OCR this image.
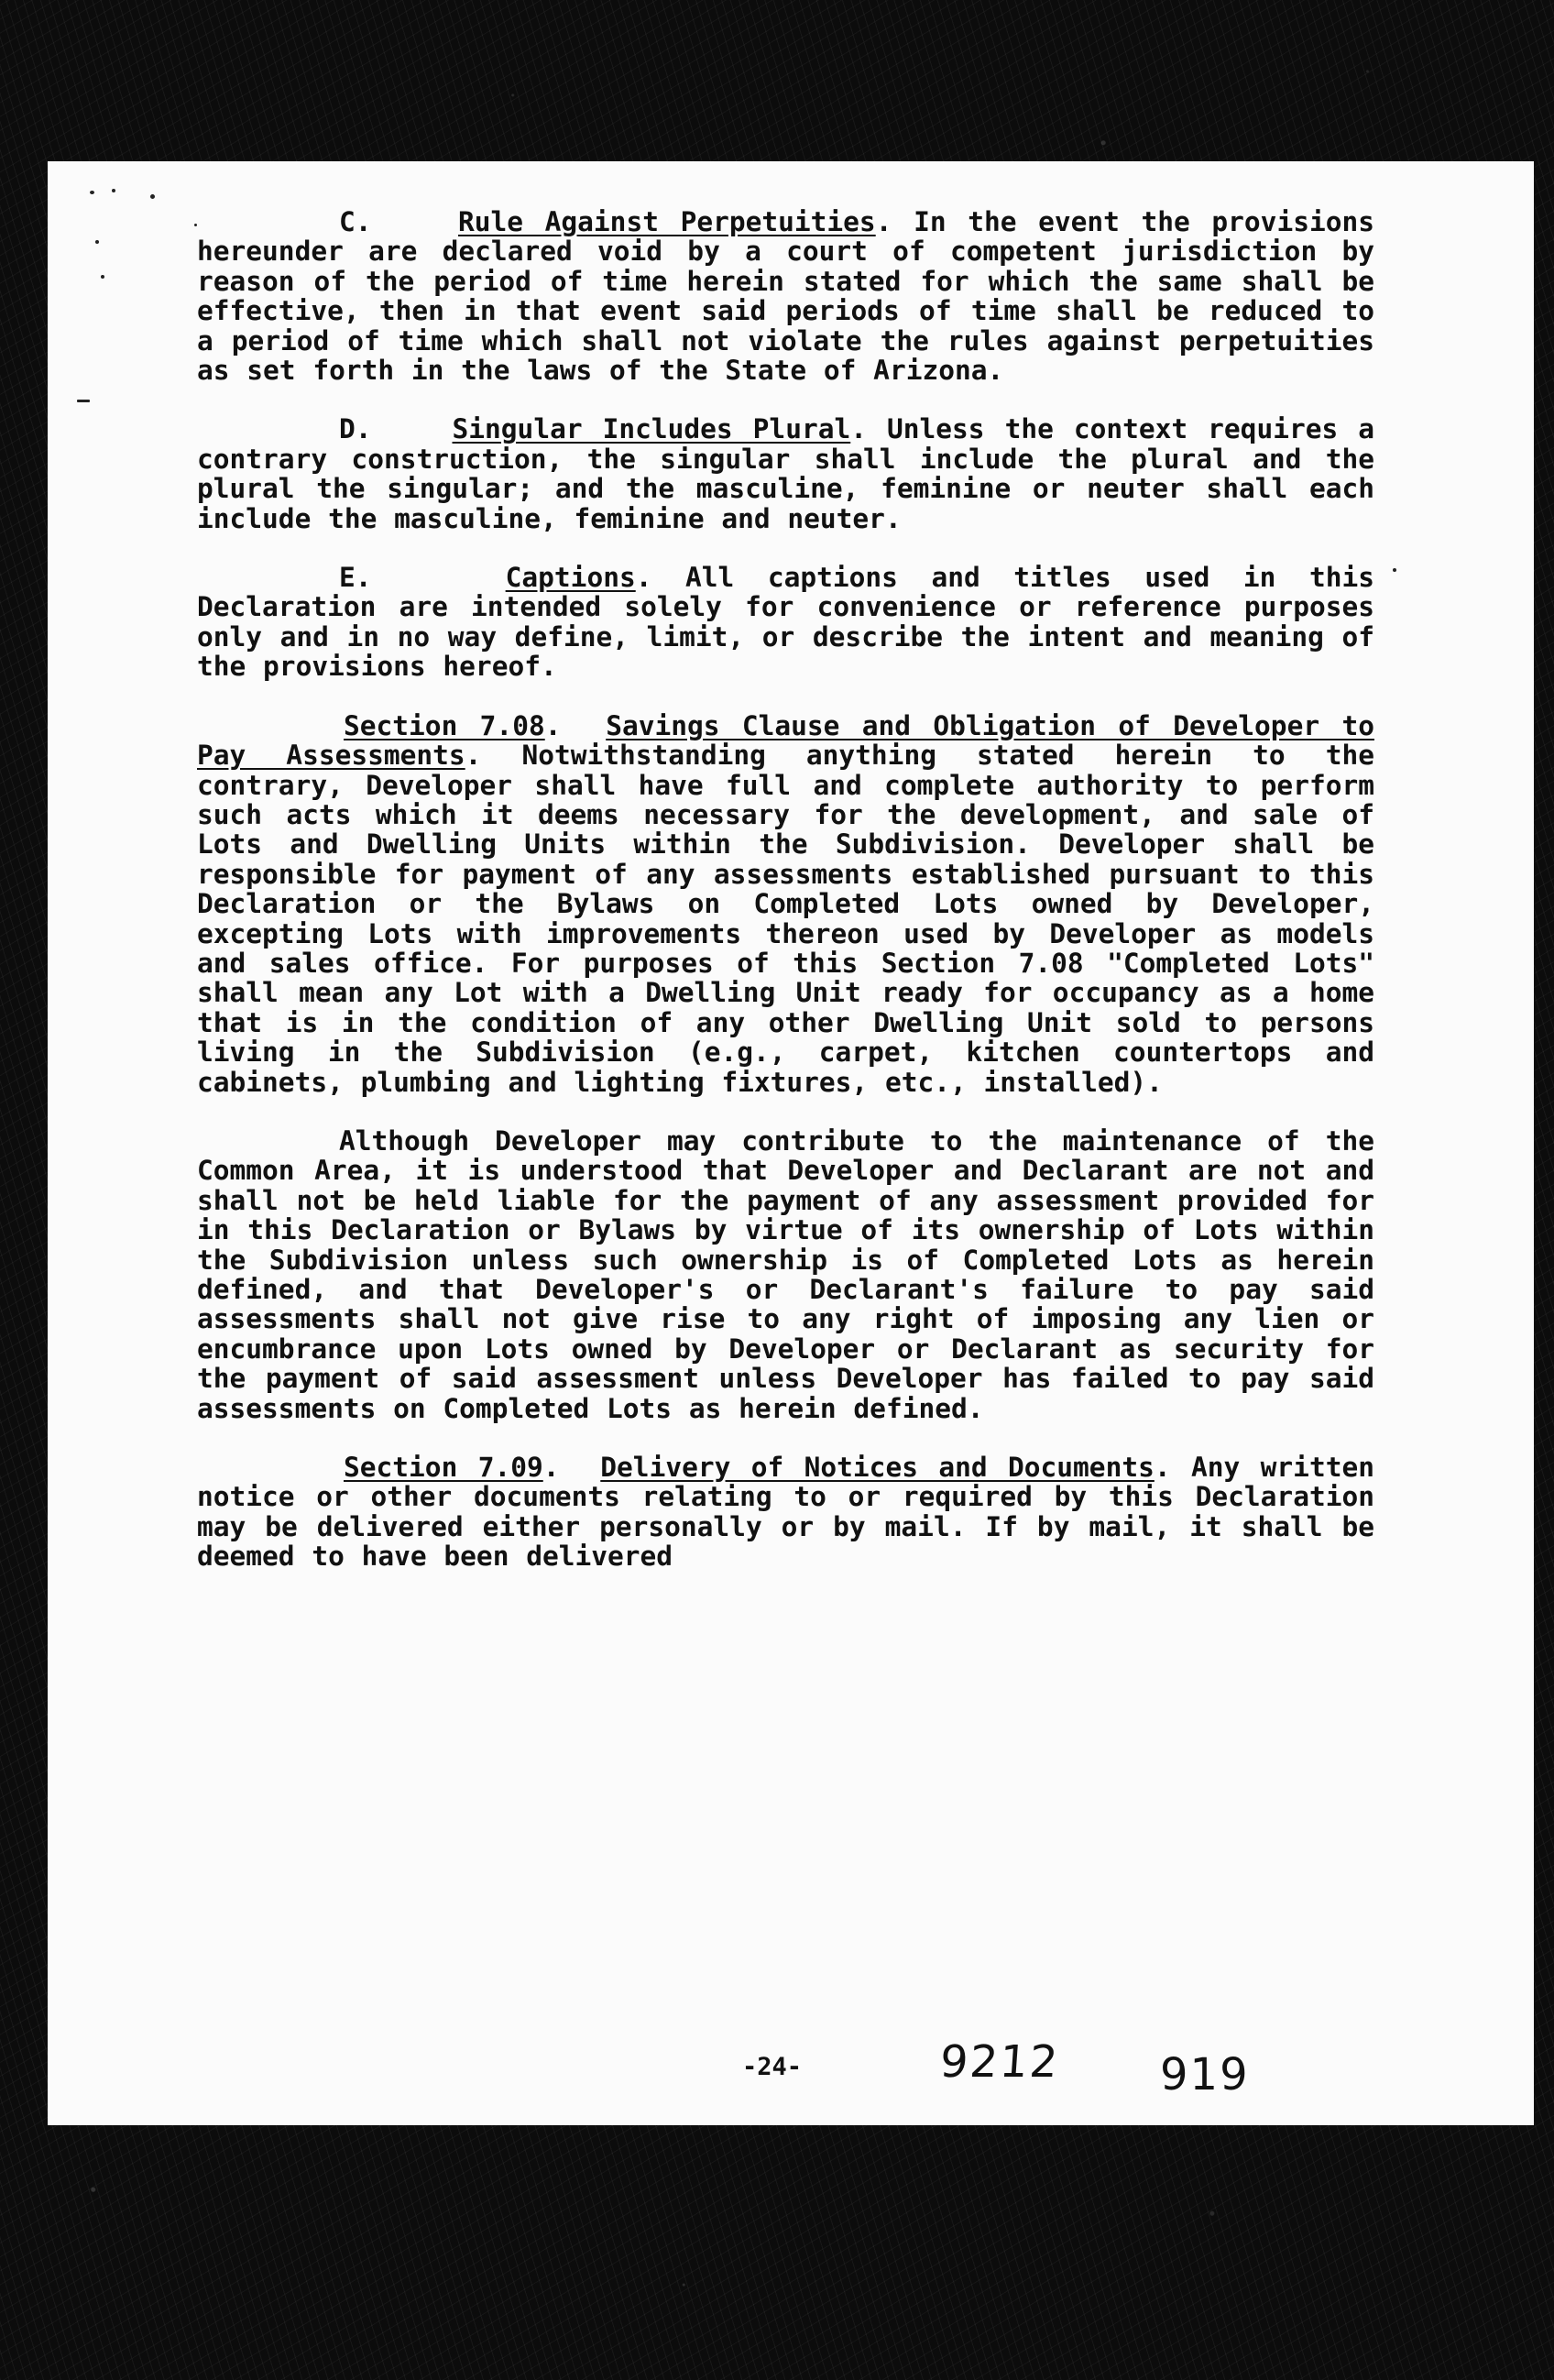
C.	Rule Against Perpetuities. In the event the provisions hereunder are declared void by a court of competent jurisdiction by reason of the period of time herein stated for which the same shall be effective, then in that event said periods of time shall be reduced to a period of time which shall not violate the rules against perpetuities as set forth in the laws of the State of Arizona.

D.	Singular Includes Plural. Unless the context requires a contrary construction, the singular shall include the plural and the plural the singular; and the masculine, feminine or neuter shall each include the masculine, feminine and neuter.

E.	Captions. All captions and titles used in this Declaration are intended solely for convenience or reference purposes only and in no way define, limit, or describe the intent and meaning of the provisions hereof.

Section 7.08.  Savings Clause and Obligation of Developer to Pay Assessments. Notwithstanding anything stated herein to the contrary, Developer shall have full and complete authority to perform such acts which it deems necessary for the development, and sale of Lots and Dwelling Units within the Subdivision. Developer shall be responsible for payment of any assessments established pursuant to this Declaration or the Bylaws on Completed Lots owned by Developer, excepting Lots with improvements thereon used by Developer as models and sales office. For purposes of this Section 7.08 "Completed Lots" shall mean any Lot with a Dwelling Unit ready for occupancy as a home that is in the condition of any other Dwelling Unit sold to persons living in the Subdivision (e.g., carpet, kitchen countertops and cabinets, plumbing and lighting fixtures, etc., installed).

Although Developer may contribute to the maintenance of the Common Area, it is understood that Developer and Declarant are not and shall not be held liable for the payment of any assessment provided for in this Declaration or Bylaws by virtue of its ownership of Lots within the Subdivision unless such ownership is of Completed Lots as herein defined, and that Developer's or Declarant's failure to pay said assessments shall not give rise to any right of imposing any lien or encumbrance upon Lots owned by Developer or Declarant as security for the payment of said assessment unless Developer has failed to pay said assessments on Completed Lots as herein defined.

Section 7.09.  Delivery of Notices and Documents. Any written notice or other documents relating to or required by this Declaration may be delivered either personally or by mail. If by mail, it shall be deemed to have been delivered

-24-	9212 919
